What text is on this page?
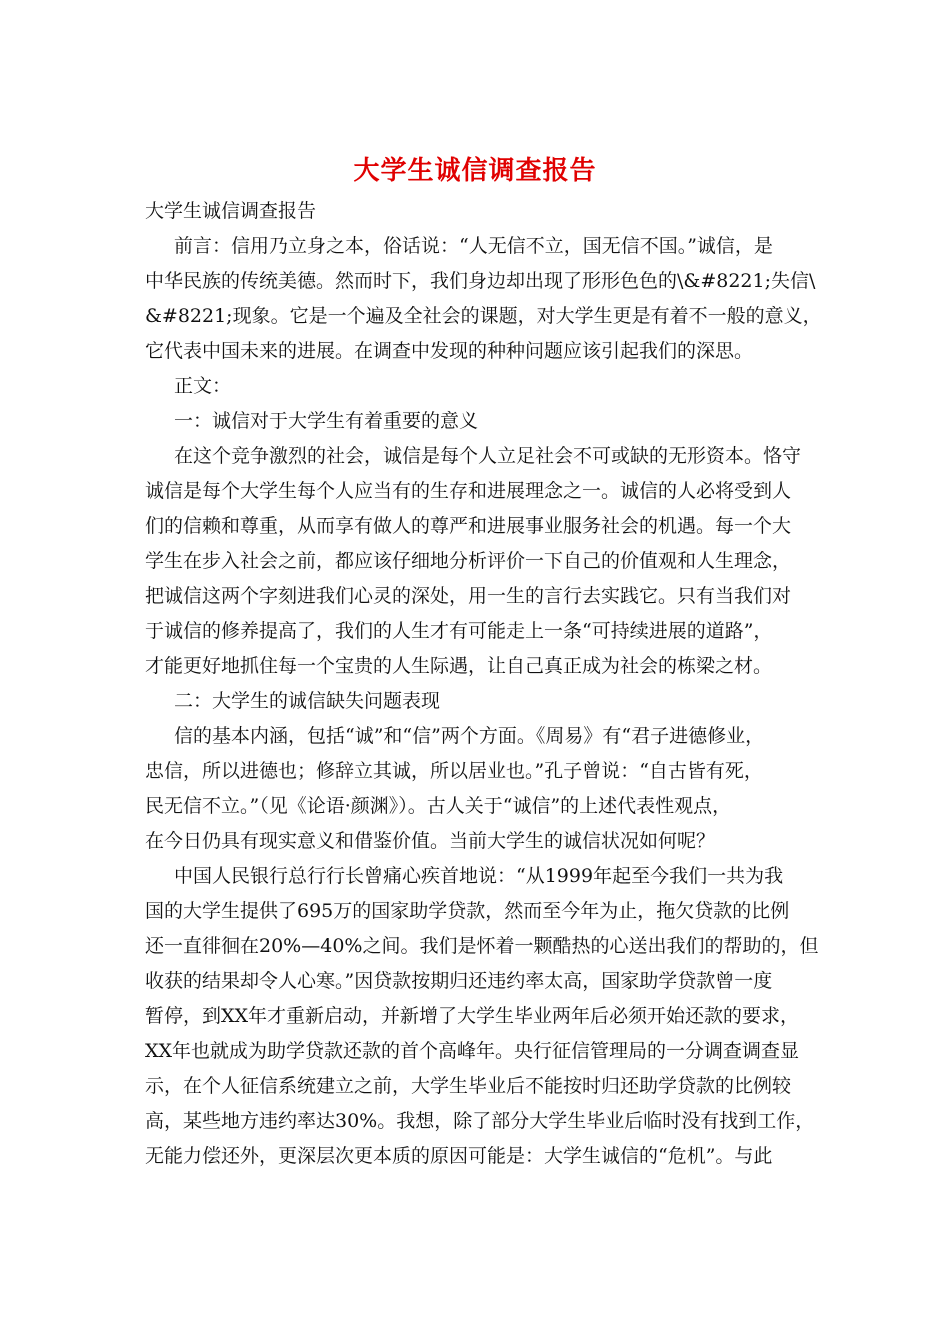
大学生诚信调查报告
大学生诚信调查报告
前言：信用乃立身之本，俗话说：“人无信不立，国无信不国。”诚信，是
中华民族的传统美德。然而时下，我们身边却出现了形形色色的\&#8221;失信\
&#8221;现象。它是一个遍及全社会的课题，对大学生更是有着不一般的意义，
它代表中国未来的进展。在调查中发现的种种问题应该引起我们的深思。
正文：
一：诚信对于大学生有着重要的意义
在这个竞争激烈的社会，诚信是每个人立足社会不可或缺的无形资本。恪守
诚信是每个大学生每个人应当有的生存和进展理念之一。诚信的人必将受到人
们的信赖和尊重，从而享有做人的尊严和进展事业服务社会的机遇。每一个大
学生在步入社会之前，都应该仔细地分析评价一下自己的价值观和人生理念，
把诚信这两个字刻进我们心灵的深处，用一生的言行去实践它。只有当我们对
于诚信的修养提高了，我们的人生才有可能走上一条“可持续进展的道路”，
才能更好地抓住每一个宝贵的人生际遇，让自己真正成为社会的栋梁之材。
二：大学生的诚信缺失问题表现
信的基本内涵，包括“诚”和“信”两个方面。《周易》有“君子进德修业，
忠信，所以进德也；修辞立其诚，所以居业也。”孔子曾说：“自古皆有死，
民无信不立。”（见《论语·颜渊》）。古人关于“诚信”的上述代表性观点，
在今日仍具有现实意义和借鉴价值。当前大学生的诚信状况如何呢？
中国人民银行总行行长曾痛心疾首地说：“从1999年起至今我们一共为我
国的大学生提供了695万的国家助学贷款，然而至今年为止，拖欠贷款的比例
还一直徘徊在20%—40%之间。我们是怀着一颗酷热的心送出我们的帮助的，但
收获的结果却令人心寒。”因贷款按期归还违约率太高，国家助学贷款曾一度
暂停，到XX年才重新启动，并新增了大学生毕业两年后必须开始还款的要求，
XX年也就成为助学贷款还款的首个高峰年。央行征信管理局的一分调查调查显
示，在个人征信系统建立之前，大学生毕业后不能按时归还助学贷款的比例较
高，某些地方违约率达30%。我想，除了部分大学生毕业后临时没有找到工作，
无能力偿还外，更深层次更本质的原因可能是：大学生诚信的“危机”。与此
